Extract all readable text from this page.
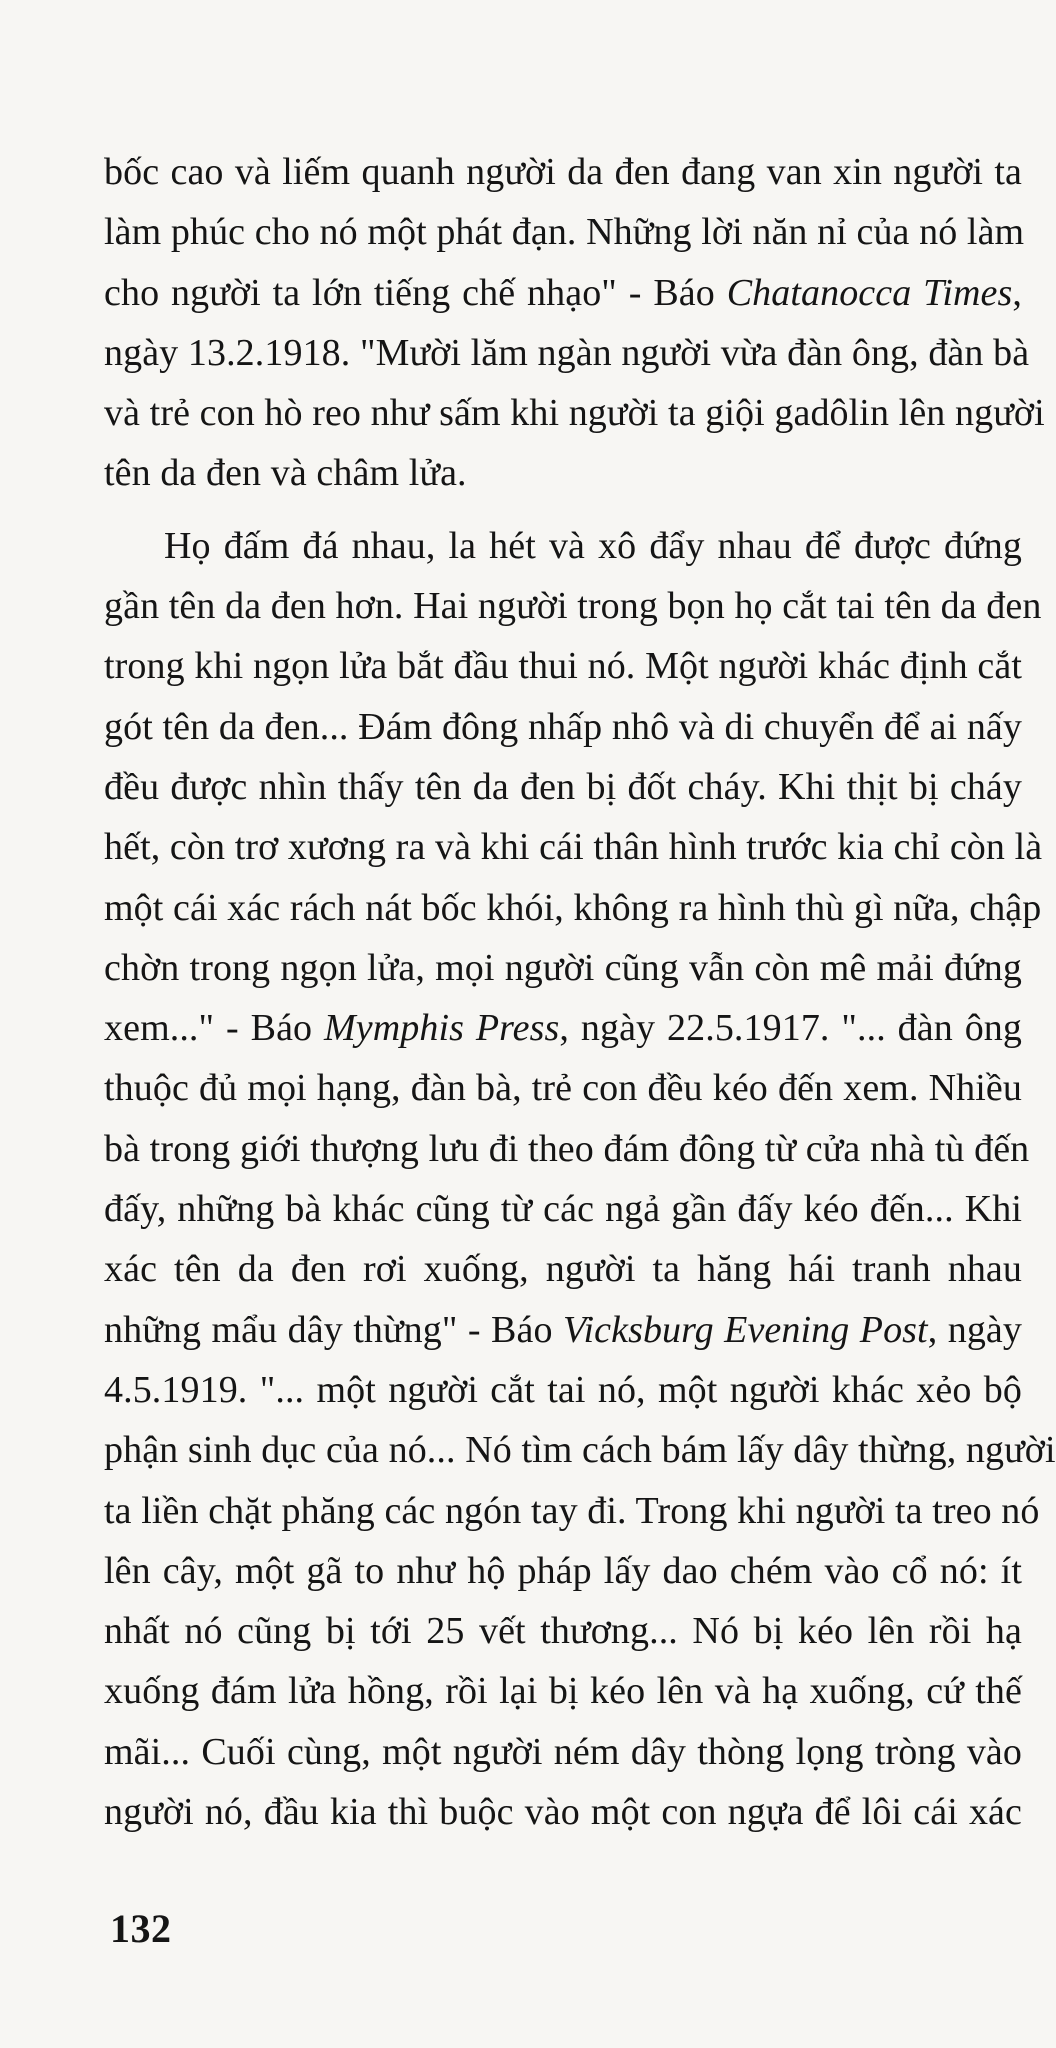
bốc cao và liếm quanh người da đen đang van xin người ta
làm phúc cho nó một phát đạn. Những lời năn nỉ của nó làm
cho người ta lớn tiếng chế nhạo" - Báo Chatanocca Times,
ngày 13.2.1918. "Mười lăm ngàn người vừa đàn ông, đàn bà
và trẻ con hò reo như sấm khi người ta giội gadôlin lên người
tên da đen và châm lửa.
Họ đấm đá nhau, la hét và xô đẩy nhau để được đứng
gần tên da đen hơn. Hai người trong bọn họ cắt tai tên da đen
trong khi ngọn lửa bắt đầu thui nó. Một người khác định cắt
gót tên da đen... Đám đông nhấp nhô và di chuyển để ai nấy
đều được nhìn thấy tên da đen bị đốt cháy. Khi thịt bị cháy
hết, còn trơ xương ra và khi cái thân hình trước kia chỉ còn là
một cái xác rách nát bốc khói, không ra hình thù gì nữa, chập
chờn trong ngọn lửa, mọi người cũng vẫn còn mê mải đứng
xem..." - Báo Mymphis Press, ngày 22.5.1917. "... đàn ông
thuộc đủ mọi hạng, đàn bà, trẻ con đều kéo đến xem. Nhiều
bà trong giới thượng lưu đi theo đám đông từ cửa nhà tù đến
đấy, những bà khác cũng từ các ngả gần đấy kéo đến... Khi
xác tên da đen rơi xuống, người ta hăng hái tranh nhau
những mẩu dây thừng" - Báo Vicksburg Evening Post, ngày
4.5.1919. "... một người cắt tai nó, một người khác xẻo bộ
phận sinh dục của nó... Nó tìm cách bám lấy dây thừng, người
ta liền chặt phăng các ngón tay đi. Trong khi người ta treo nó
lên cây, một gã to như hộ pháp lấy dao chém vào cổ nó: ít
nhất nó cũng bị tới 25 vết thương... Nó bị kéo lên rồi hạ
xuống đám lửa hồng, rồi lại bị kéo lên và hạ xuống, cứ thế
mãi... Cuối cùng, một người ném dây thòng lọng tròng vào
người nó, đầu kia thì buộc vào một con ngựa để lôi cái xác
132
